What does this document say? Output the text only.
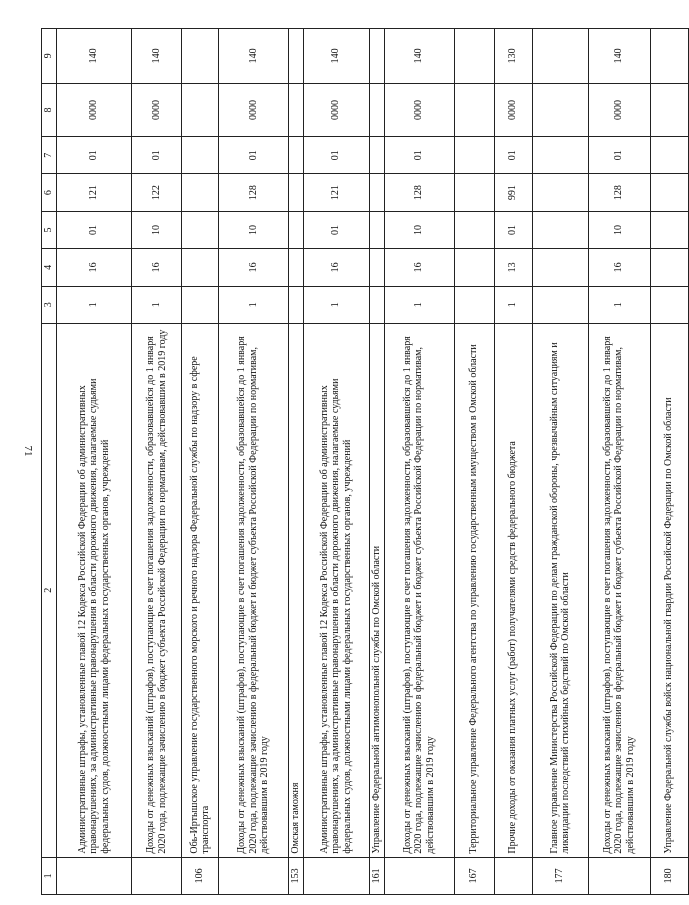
71
1	2	3	4	5	6	7	8	9
	Административные штрафы, установленные главой 12 Кодекса Российской Федерации об административных правонарушениях, за административные правонарушения в области дорожного движения, налагаемые судьями федеральных судов, должностными лицами федеральных государственных органов, учреждений	1	16	01	121	01	0000	140
	Доходы от денежных взысканий (штрафов), поступающие в счет погашения задолженности, образовавшейся до 1 января 2020 года, подлежащие зачислению в бюджет субъекта Российской Федерации по нормативам, действовавшим в 2019 году	1	16	10	122	01	0000	140
106	Обь-Иртышское управление государственного морского и речного надзора Федеральной службы по надзору в сфере транспорта							
	Доходы от денежных взысканий (штрафов), поступающие в счет погашения задолженности, образовавшейся до 1 января 2020 года, подлежащие зачислению в федеральный бюджет и бюджет субъекта Российской Федерации по нормативам, действовавшим в 2019 году	1	16	10	128	01	0000	140
153	Омская таможня							
	Административные штрафы, установленные главой 12 Кодекса Российской Федерации об административных правонарушениях, за административные правонарушения в области дорожного движения, налагаемые судьями федеральных судов, должностными лицами федеральных государственных органов, учреждений	1	16	01	121	01	0000	140
161	Управление Федеральной антимонопольной службы по Омской области							
	Доходы от денежных взысканий (штрафов), поступающие в счет погашения задолженности, образовавшейся до 1 января 2020 года, подлежащие зачислению в федеральный бюджет и бюджет субъекта Российской Федерации по нормативам, действовавшим в 2019 году	1	16	10	128	01	0000	140
167	Территориальное управление Федерального агентства по управлению государственным имуществом в Омской области							
	Прочие доходы от оказания платных услуг (работ) получателями средств федерального бюджета	1	13	01	991	01	0000	130
177	Главное управление Министерства Российской Федерации по делам гражданской обороны, чрезвычайным ситуациям и ликвидации последствий стихийных бедствий по Омской области							
	Доходы от денежных взысканий (штрафов), поступающие в счет погашения задолженности, образовавшейся до 1 января 2020 года, подлежащие зачислению в федеральный бюджет и бюджет субъекта Российской Федерации по нормативам, действовавшим в 2019 году	1	16	10	128	01	0000	140
180	Управление Федеральной службы войск национальной гвардии Российской Федерации по Омской области							
